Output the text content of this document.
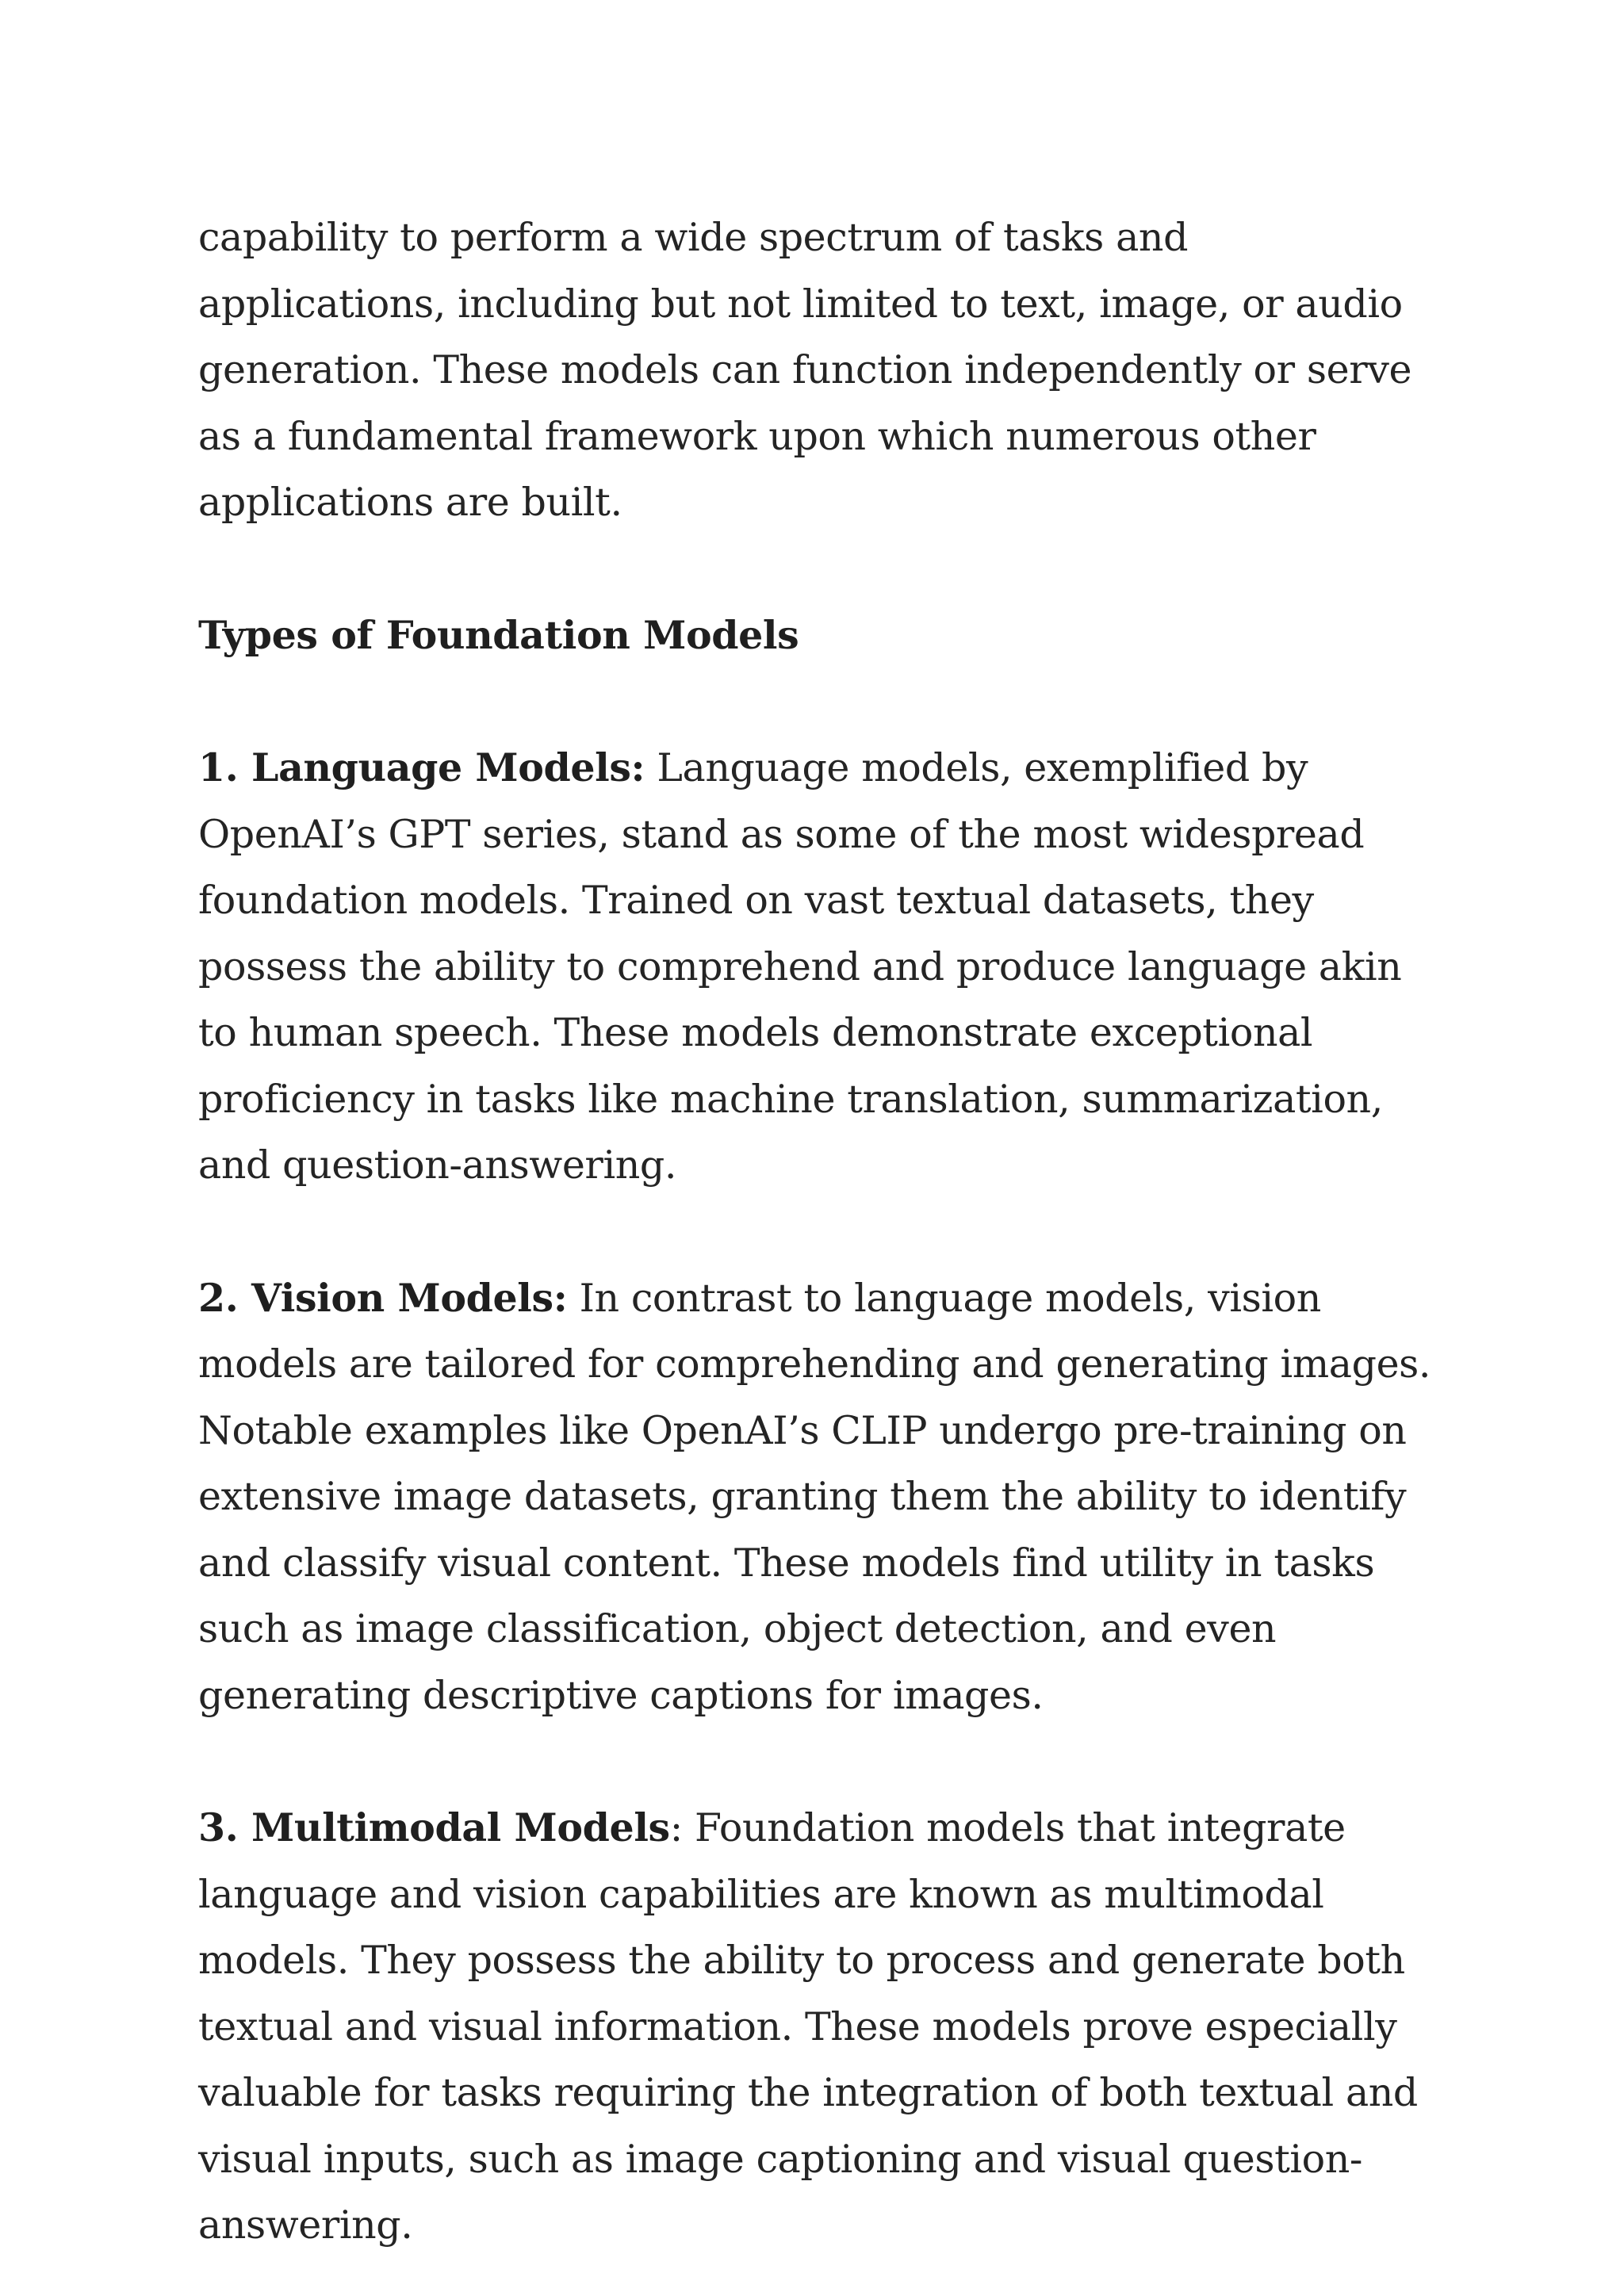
capability to perform a wide spectrum of tasks and applications, including but not limited to text, image, or audio generation. These models can function independently or serve as a fundamental framework upon which numerous other applications are built.

Types of Foundation Models

1. Language Models: Language models, exemplified by OpenAI’s GPT series, stand as some of the most widespread foundation models. Trained on vast textual datasets, they possess the ability to comprehend and produce language akin to human speech. These models demonstrate exceptional proficiency in tasks like machine translation, summarization, and question-answering.

2. Vision Models: In contrast to language models, vision models are tailored for comprehending and generating images. Notable examples like OpenAI’s CLIP undergo pre-training on extensive image datasets, granting them the ability to identify and classify visual content. These models find utility in tasks such as image classification, object detection, and even generating descriptive captions for images.

3. Multimodal Models: Foundation models that integrate language and vision capabilities are known as multimodal models. They possess the ability to process and generate both textual and visual information. These models prove especially valuable for tasks requiring the integration of both textual and visual inputs, such as image captioning and visual question-answering.
